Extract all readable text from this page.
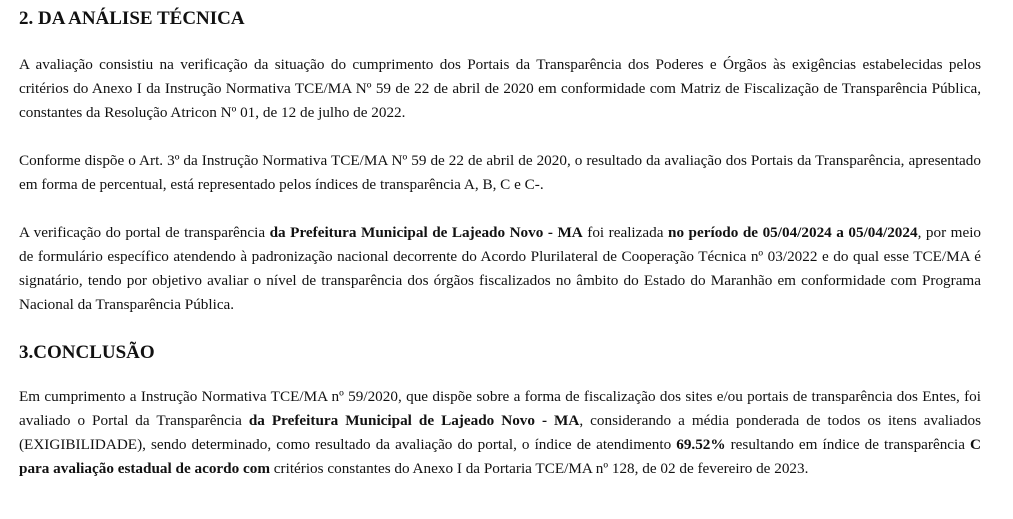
2. DA ANÁLISE TÉCNICA

A avaliação consistiu na verificação da situação do cumprimento dos Portais da Transparência dos Poderes e Órgãos às exigências estabelecidas pelos critérios do Anexo I da Instrução Normativa TCE/MA Nº 59 de 22 de abril de 2020 em conformidade com Matriz de Fiscalização de Transparência Pública, constantes da Resolução Atricon Nº 01, de 12 de julho de 2022.

Conforme dispõe o Art. 3º da Instrução Normativa TCE/MA Nº 59 de 22 de abril de 2020, o resultado da avaliação dos Portais da Transparência, apresentado em forma de percentual, está representado pelos índices de transparência A, B, C e C-.

A verificação do portal de transparência da Prefeitura Municipal de Lajeado Novo - MA foi realizada no período de 05/04/2024 a 05/04/2024, por meio de formulário específico atendendo à padronização nacional decorrente do Acordo Plurilateral de Cooperação Técnica nº 03/2022 e do qual esse TCE/MA é signatário, tendo por objetivo avaliar o nível de transparência dos órgãos fiscalizados no âmbito do Estado do Maranhão em conformidade com Programa Nacional da Transparência Pública.

3.CONCLUSÃO

Em cumprimento a Instrução Normativa TCE/MA nº 59/2020, que dispõe sobre a forma de fiscalização dos sites e/ou portais de transparência dos Entes, foi avaliado o Portal da Transparência da Prefeitura Municipal de Lajeado Novo - MA, considerando a média ponderada de todos os itens avaliados (EXIGIBILIDADE), sendo determinado, como resultado da avaliação do portal, o índice de atendimento 69.52% resultando em índice de transparência C para avaliação estadual de acordo com critérios constantes do Anexo I da Portaria TCE/MA nº 128, de 02 de fevereiro de 2023.
